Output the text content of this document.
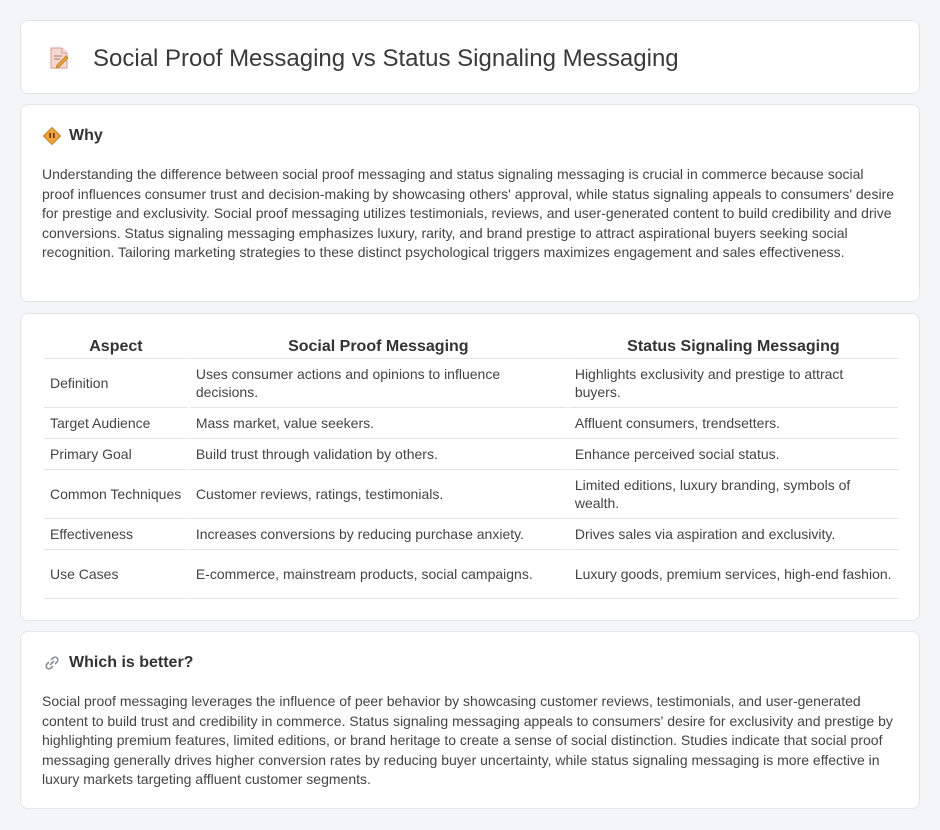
Social Proof Messaging vs Status Signaling Messaging
Why

Understanding the difference between social proof messaging and status signaling messaging is crucial in commerce because social proof influences consumer trust and decision-making by showcasing others' approval, while status signaling appeals to consumers' desire for prestige and exclusivity. Social proof messaging utilizes testimonials, reviews, and user-generated content to build credibility and drive conversions. Status signaling messaging emphasizes luxury, rarity, and brand prestige to attract aspirational buyers seeking social recognition. Tailoring marketing strategies to these distinct psychological triggers maximizes engagement and sales effectiveness.

Aspect	Social Proof Messaging	Status Signaling Messaging
Definition	Uses consumer actions and opinions to influence decisions.	Highlights exclusivity and prestige to attract buyers.
Target Audience	Mass market, value seekers.	Affluent consumers, trendsetters.
Primary Goal	Build trust through validation by others.	Enhance perceived social status.
Common Techniques	Customer reviews, ratings, testimonials.	Limited editions, luxury branding, symbols of wealth.
Effectiveness	Increases conversions by reducing purchase anxiety.	Drives sales via aspiration and exclusivity.
Use Cases	E-commerce, mainstream products, social campaigns.	Luxury goods, premium services, high-end fashion.
Which is better?

Social proof messaging leverages the influence of peer behavior by showcasing customer reviews, testimonials, and user-generated content to build trust and credibility in commerce. Status signaling messaging appeals to consumers' desire for exclusivity and prestige by highlighting premium features, limited editions, or brand heritage to create a sense of social distinction. Studies indicate that social proof messaging generally drives higher conversion rates by reducing buyer uncertainty, while status signaling messaging is more effective in luxury markets targeting affluent customer segments.
